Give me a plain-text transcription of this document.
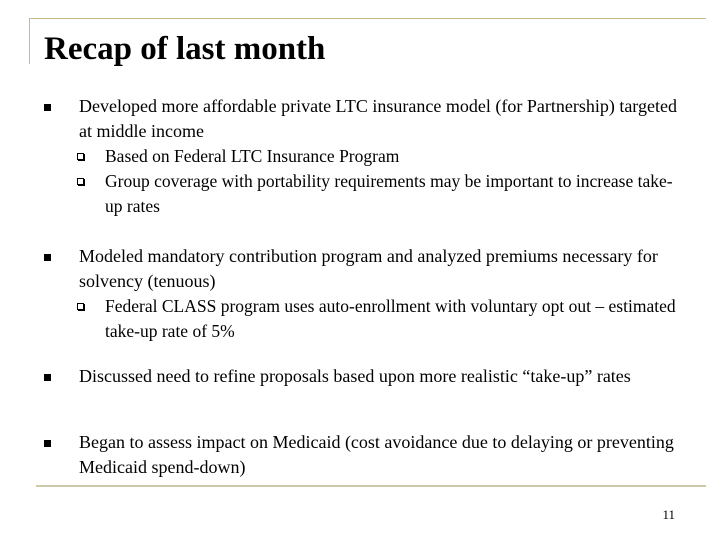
Recap of last month
Developed more affordable private LTC insurance model (for Partnership) targeted at middle income
Based on Federal LTC Insurance Program
Group coverage with portability requirements may be important to increase take-up rates
Modeled mandatory contribution program and analyzed premiums necessary for solvency (tenuous)
Federal CLASS program uses auto-enrollment with voluntary opt out – estimated take-up rate of 5%
Discussed need to refine proposals based upon more realistic “take-up” rates
Began to assess impact on Medicaid (cost avoidance due to delaying or preventing Medicaid spend-down)
11
